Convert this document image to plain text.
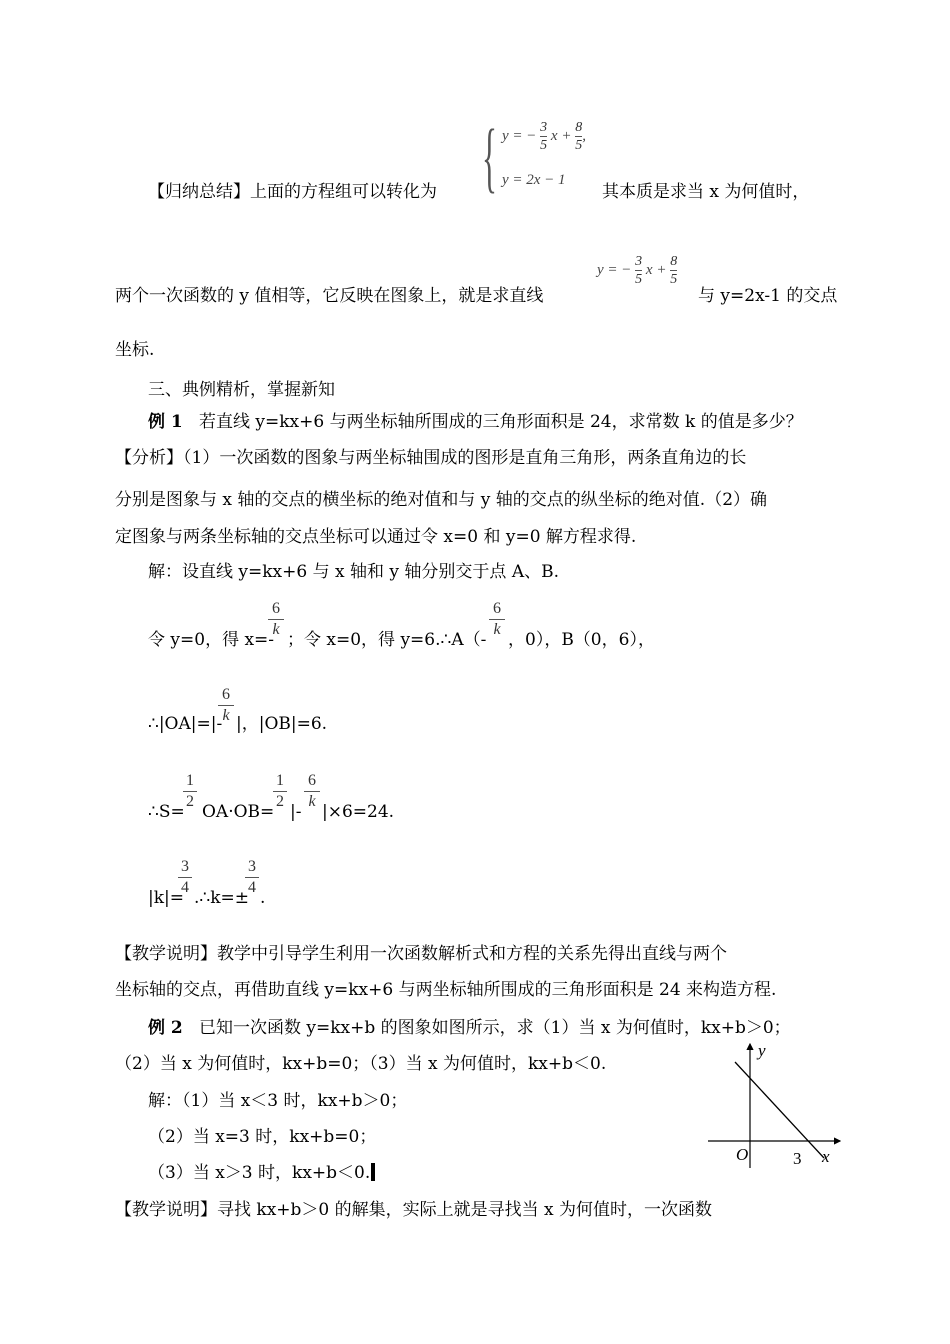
{ y = − $\frac{3}{5}$ $x + \frac{8}{5}$ ,
y = 2x − 1
【归纳总结】上面的方程组可以转化为	其本质是求当 x 为何值时，
y = − $\frac{3}{5}$ $x + \frac{8}{5}$
两个一次函数的 y 值相等，它反映在图象上，就是求直线	与 y=2x-1 的交点
坐标.
三、典例精析，掌握新知
例 1 若直线 y=kx+6 与两坐标轴所围成的三角形面积是 24，求常数 k 的值是多少？
【分析】（1）一次函数的图象与两坐标轴围成的图形是直角三角形，两条直角边的长
分别是图象与 x 轴的交点的横坐标的绝对值和与 y 轴的交点的纵坐标的绝对值.（2）确
定图象与两条坐标轴的交点坐标可以通过令 x=0 和 y=0 解方程求得.
解：设直线 y=kx+6 与 x 轴和 y 轴分别交于点 A、B.
令 y=0，得 x=-
6
k
；令 x=0，得 y=6.∴A（-
6
k
，0），B（0，6），
∴|OA|=|-
6
k |，|OB|=6.
∴S=
1
2
OA·OB=
1
2
|-
6
k
|×6=24.
|k|=
3
4
.∴k=±
3
4
.
【教学说明】教学中引导学生利用一次函数解析式和方程的关系先得出直线与两个
坐标轴的交点，再借助直线 y=kx+6 与两坐标轴所围成的三角形面积是 24 来构造方程.
例 2 已知一次函数 y=kx+b 的图象如图所示，求（1）当 x 为何值时，kx+b＞0；
（2）当 x 为何值时，kx+b=0；（3）当 x 为何值时，kx+b＜0.
解：（1）当 x＜3 时，kx+b＞0；
（2）当 x=3 时，kx+b=0；
（3）当 x＞3 时，kx+b＜0.
y
x
O	3
【教学说明】寻找 kx+b＞0 的解集，实际上就是寻找当 x 为何值时，一次函数
